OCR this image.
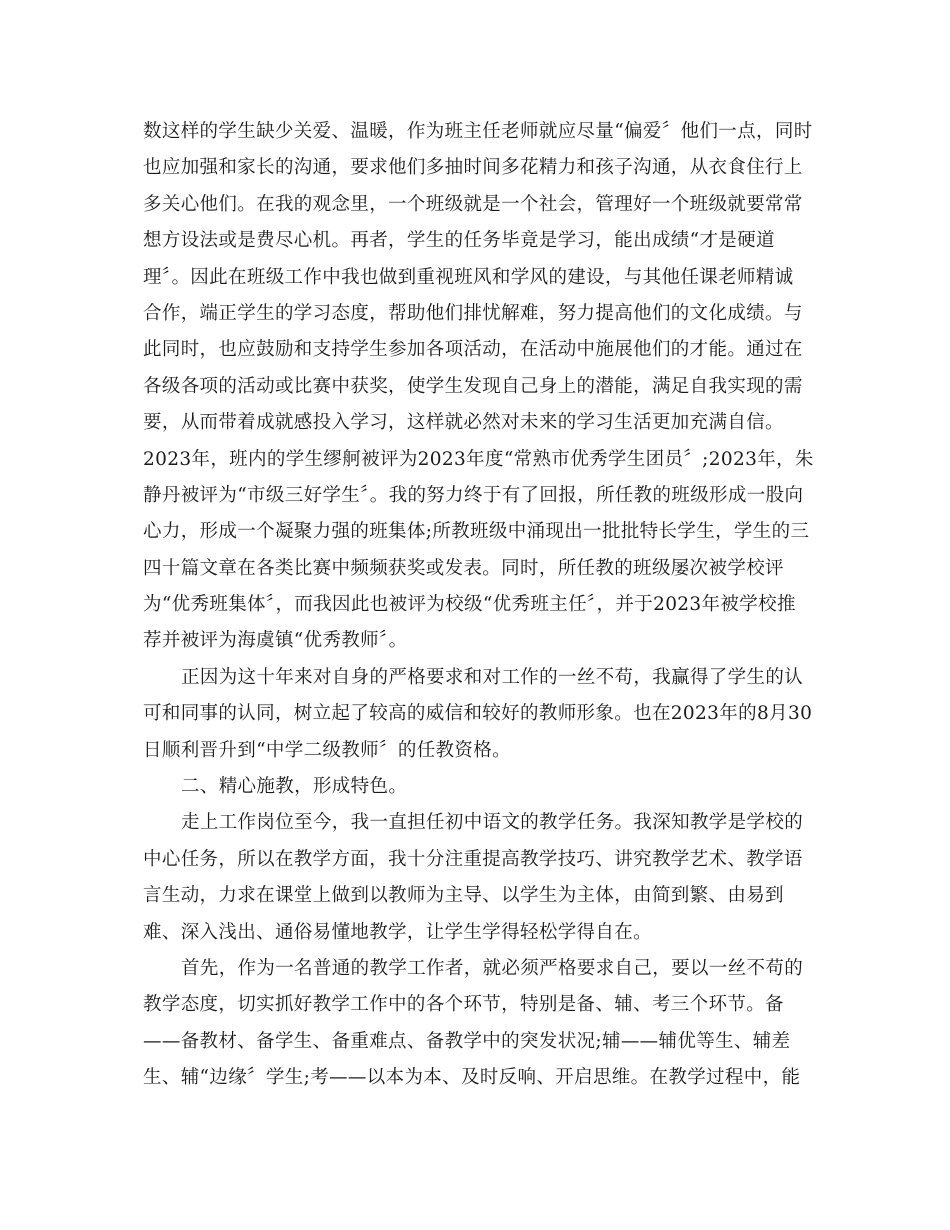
数这样的学生缺少关爱、温暖，作为班主任老师就应尽量“偏爱〞他们一点，同时
也应加强和家长的沟通，要求他们多抽时间多花精力和孩子沟通，从衣食住行上
多关心他们。在我的观念里，一个班级就是一个社会，管理好一个班级就要常常
想方设法或是费尽心机。再者，学生的任务毕竟是学习，能出成绩“才是硬道
理〞。因此在班级工作中我也做到重视班风和学风的建设，与其他任课老师精诚
合作，端正学生的学习态度，帮助他们排忧解难，努力提高他们的文化成绩。与
此同时，也应鼓励和支持学生参加各项活动，在活动中施展他们的才能。通过在
各级各项的活动或比赛中获奖，使学生发现自己身上的潜能，满足自我实现的需
要，从而带着成就感投入学习，这样就必然对未来的学习生活更加充满自信。
2023年，班内的学生缪舸被评为2023年度“常熟市优秀学生团员〞;2023年，朱
静丹被评为“市级三好学生〞。我的努力终于有了回报，所任教的班级形成一股向
心力，形成一个凝聚力强的班集体;所教班级中涌现出一批批特长学生，学生的三
四十篇文章在各类比赛中频频获奖或发表。同时，所任教的班级屡次被学校评
为“优秀班集体〞，而我因此也被评为校级“优秀班主任〞，并于2023年被学校推
荐并被评为海虞镇“优秀教师〞。
正因为这十年来对自身的严格要求和对工作的一丝不苟，我赢得了学生的认
可和同事的认同，树立起了较高的威信和较好的教师形象。也在2023年的8月30
日顺利晋升到“中学二级教师〞的任教资格。
二、精心施教，形成特色。
走上工作岗位至今，我一直担任初中语文的教学任务。我深知教学是学校的
中心任务，所以在教学方面，我十分注重提高教学技巧、讲究教学艺术、教学语
言生动，力求在课堂上做到以教师为主导、以学生为主体，由简到繁、由易到
难、深入浅出、通俗易懂地教学，让学生学得轻松学得自在。
首先，作为一名普通的教学工作者，就必须严格要求自己，要以一丝不苟的
教学态度，切实抓好教学工作中的各个环节，特别是备、辅、考三个环节。备
——备教材、备学生、备重难点、备教学中的突发状况;辅——辅优等生、辅差
生、辅“边缘〞学生;考——以本为本、及时反响、开启思维。在教学过程中，能
